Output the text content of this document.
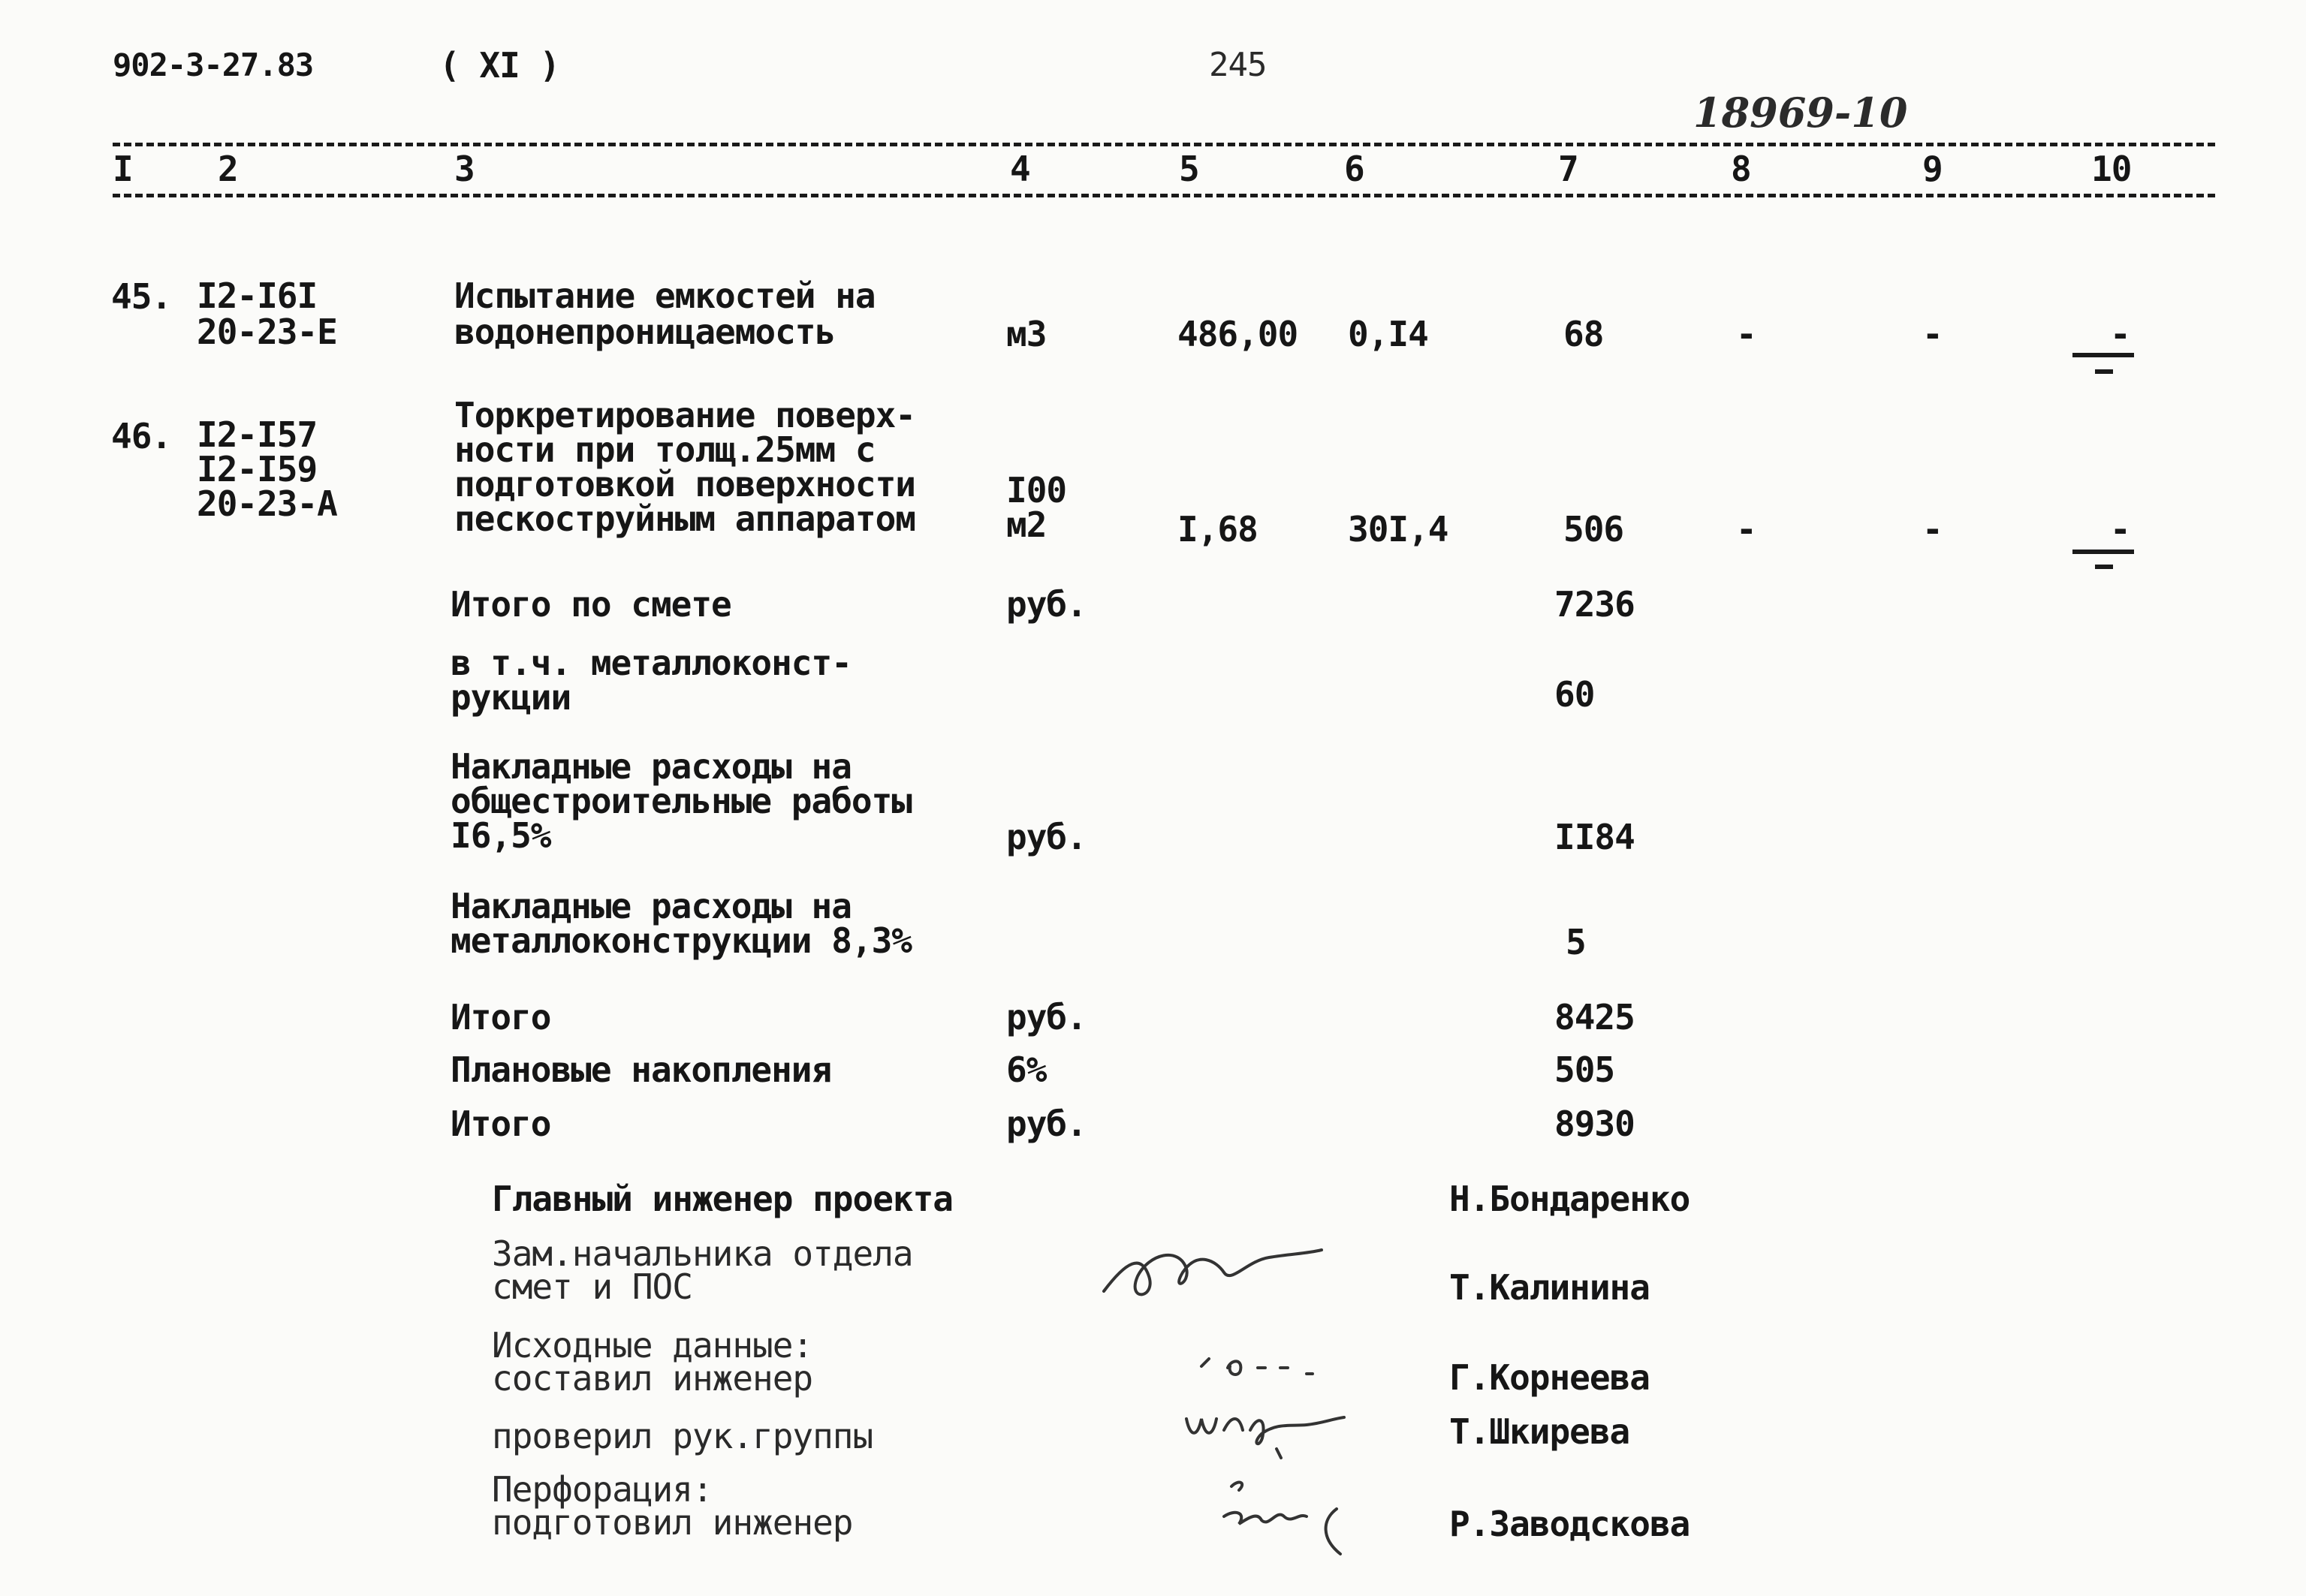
902-3-27.83	( XI )	245
18969-10
I 2	3	4	5	6	7	8	9	10
45. I2-I6I
20-23-Е
Испытание емкостей на
водонепроницаемость	м3	486,00 0,I4	68	-	-	-
46. I2-I57
I2-I59
20-23-А
Торкретирование поверх-
ности при толщ.25мм с
подготовкой поверхности
пескоструйным аппаратом
I00
м2	I,68	30I,4	506	-	-	-
Итого по смете	руб.	7236
в т.ч. металлоконст-
рукции	60
Накладные расходы на
общестроительные работы
I6,5%	руб.	II84
Накладные расходы на
металлоконструкции 8,3%	5
Итого	руб.	8425
Плановые накопления	6%	505
Итого	руб.	8930
Главный инженер проекта	Н.Бондаренко
Зам.начальника отдела
смет и ПОС	Т.Калинина
Исходные данные:
составил инженер	Г.Корнеева
проверил рук.группы	Т.Шкирева
Перфорация:
подготовил инженер	Р.Заводскова
